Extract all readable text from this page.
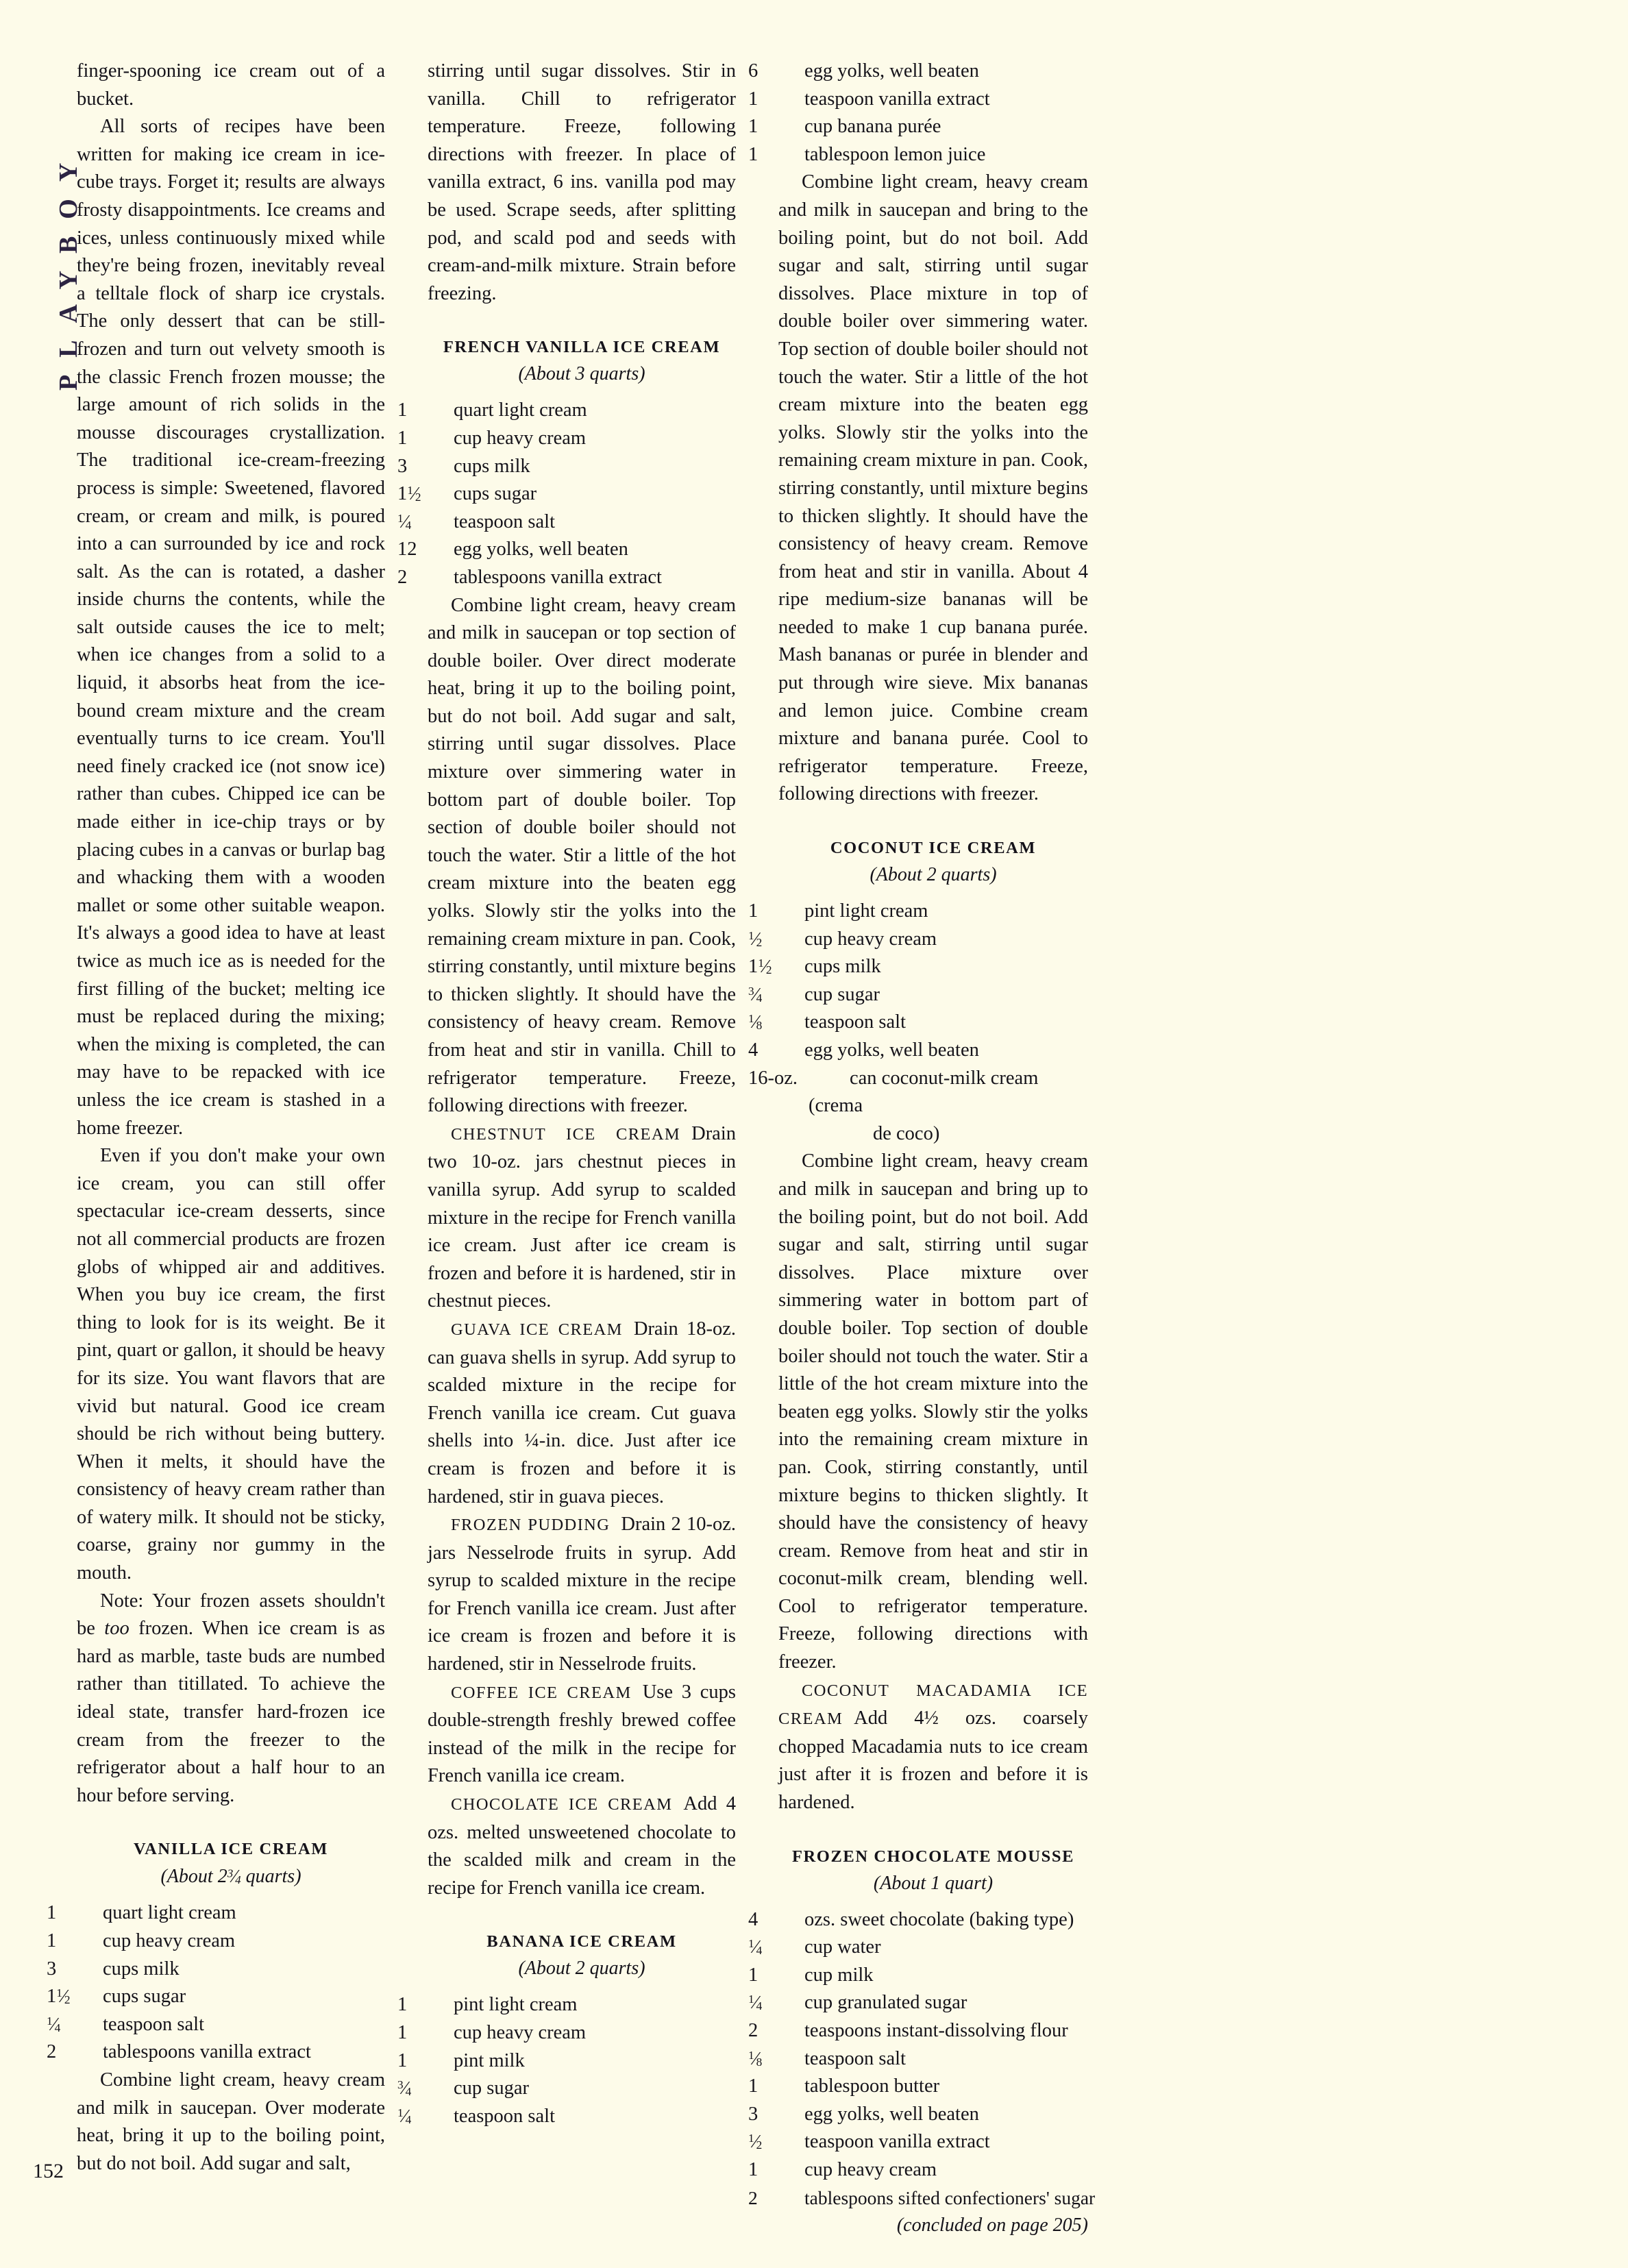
PLAYBOY

finger-spooning ice cream out of a bucket.

All sorts of recipes have been written for making ice cream in ice-cube trays. Forget it; results are always frosty disappointments. Ice creams and ices, unless continuously mixed while they're being frozen, inevitably reveal a telltale flock of sharp ice crystals. The only dessert that can be still-frozen and turn out velvety smooth is the classic French frozen mousse; the large amount of rich solids in the mousse discourages crystallization. The traditional ice-cream-freezing process is simple: Sweetened, flavored cream, or cream and milk, is poured into a can surrounded by ice and rock salt. As the can is rotated, a dasher inside churns the contents, while the salt outside causes the ice to melt; when ice changes from a solid to a liquid, it absorbs heat from the ice-bound cream mixture and the cream eventually turns to ice cream. You'll need finely cracked ice (not snow ice) rather than cubes. Chipped ice can be made either in ice-chip trays or by placing cubes in a canvas or burlap bag and whacking them with a wooden mallet or some other suitable weapon. It's always a good idea to have at least twice as much ice as is needed for the first filling of the bucket; melting ice must be replaced during the mixing; when the mixing is completed, the can may have to be repacked with ice unless the ice cream is stashed in a home freezer.

Even if you don't make your own ice cream, you can still offer spectacular ice-cream desserts, since not all commercial products are frozen globs of whipped air and additives. When you buy ice cream, the first thing to look for is its weight. Be it pint, quart or gallon, it should be heavy for its size. You want flavors that are vivid but natural. Good ice cream should be rich without being buttery. When it melts, it should have the consistency of heavy cream rather than of watery milk. It should not be sticky, coarse, grainy nor gummy in the mouth.

Note: Your frozen assets shouldn't be too frozen. When ice cream is as hard as marble, taste buds are numbed rather than titillated. To achieve the ideal state, transfer hard-frozen ice cream from the freezer to the refrigerator about a half hour to an hour before serving.

VANILLA ICE CREAM

(About $2^3⁄_4$ quarts)

1 quart light cream
1 cup heavy cream
3 cups milk
$1^1⁄_2$ cups sugar
$^1⁄_4$ teaspoon salt
2 tablespoons vanilla extract

Combine light cream, heavy cream and milk in saucepan. Over moderate heat, bring it up to the boiling point, but do not boil. Add sugar and salt,

stirring until sugar dissolves. Stir in vanilla. Chill to refrigerator temperature. Freeze, following directions with freezer. In place of vanilla extract, 6 ins. vanilla pod may be used. Scrape seeds, after splitting pod, and scald pod and seeds with cream-and-milk mixture. Strain before freezing.

FRENCH VANILLA ICE CREAM

(About 3 quarts)

1 quart light cream
1 cup heavy cream
3 cups milk
$1^1⁄_2$ cups sugar
$^1⁄_4$ teaspoon salt
12 egg yolks, well beaten
2 tablespoons vanilla extract

Combine light cream, heavy cream and milk in saucepan or top section of double boiler. Over direct moderate heat, bring it up to the boiling point, but do not boil. Add sugar and salt, stirring until sugar dissolves. Place mixture over simmering water in bottom part of double boiler. Top section of double boiler should not touch the water. Stir a little of the hot cream mixture into the beaten egg yolks. Slowly stir the yolks into the remaining cream mixture in pan. Cook, stirring constantly, until mixture begins to thicken slightly. It should have the consistency of heavy cream. Remove from heat and stir in vanilla. Chill to refrigerator temperature. Freeze, following directions with freezer.

CHESTNUT ICE CREAM Drain two 10-oz. jars chestnut pieces in vanilla syrup. Add syrup to scalded mixture in the recipe for French vanilla ice cream. Just after ice cream is frozen and before it is hardened, stir in chestnut pieces.

GUAVA ICE CREAM Drain 18-oz. can guava shells in syrup. Add syrup to scalded mixture in the recipe for French vanilla ice cream. Cut guava shells into ¼-in. dice. Just after ice cream is frozen and before it is hardened, stir in guava pieces.

FROZEN PUDDING Drain 2 10-oz. jars Nesselrode fruits in syrup. Add syrup to scalded mixture in the recipe for French vanilla ice cream. Just after ice cream is frozen and before it is hardened, stir in Nesselrode fruits.

COFFEE ICE CREAM Use 3 cups double-strength freshly brewed coffee instead of the milk in the recipe for French vanilla ice cream.

CHOCOLATE ICE CREAM Add 4 ozs. melted unsweetened chocolate to the scalded milk and cream in the recipe for French vanilla ice cream.

BANANA ICE CREAM

(About 2 quarts)

1 pint light cream
1 cup heavy cream
1 pint milk
$^3⁄_4$ cup sugar
$^1⁄_4$ teaspoon salt
6 egg yolks, well beaten
1 teaspoon vanilla extract
1 cup banana purée
1 tablespoon lemon juice

Combine light cream, heavy cream and milk in saucepan and bring to the boiling point, but do not boil. Add sugar and salt, stirring until sugar dissolves. Place mixture in top of double boiler over simmering water. Top section of double boiler should not touch the water. Stir a little of the hot cream mixture into the beaten egg yolks. Slowly stir the yolks into the remaining cream mixture in pan. Cook, stirring constantly, until mixture begins to thicken slightly. It should have the consistency of heavy cream. Remove from heat and stir in vanilla. About 4 ripe medium-size bananas will be needed to make 1 cup banana purée. Mash bananas or purée in blender and put through wire sieve. Mix bananas and lemon juice. Combine cream mixture and banana purée. Cool to refrigerator temperature. Freeze, following directions with freezer.

COCONUT ICE CREAM

(About 2 quarts)

1 pint light cream
$^1⁄_2$ cup heavy cream
$1^1⁄_2$ cups milk
$^3⁄_4$ cup sugar
$^1⁄_8$ teaspoon salt
4 egg yolks, well beaten
16-oz.	can coconut-milk cream (crema
de coco)

Combine light cream, heavy cream and milk in saucepan and bring up to the boiling point, but do not boil. Add sugar and salt, stirring until sugar dissolves. Place mixture over simmering water in bottom part of double boiler. Top section of double boiler should not touch the water. Stir a little of the hot cream mixture into the beaten egg yolks. Slowly stir the yolks into the remaining cream mixture in pan. Cook, stirring constantly, until mixture begins to thicken slightly. It should have the consistency of heavy cream. Remove from heat and stir in coconut-milk cream, blending well. Cool to refrigerator temperature. Freeze, following directions with freezer.

COCONUT MACADAMIA ICE CREAM Add 4½ ozs. coarsely chopped Macadamia nuts to ice cream just after it is frozen and before it is hardened.

FROZEN CHOCOLATE MOUSSE

(About 1 quart)

4 ozs. sweet chocolate (baking type)
$^1⁄_4$ cup water
1 cup milk
$^1⁄_4$ cup granulated sugar
2 teaspoons instant-dissolving flour
$^1⁄_8$ teaspoon salt
1 tablespoon butter
3 egg yolks, well beaten
$^1⁄_2$ teaspoon vanilla extract
1 cup heavy cream
2 tablespoons sifted confectioners' sugar

(concluded on page 205)

152
